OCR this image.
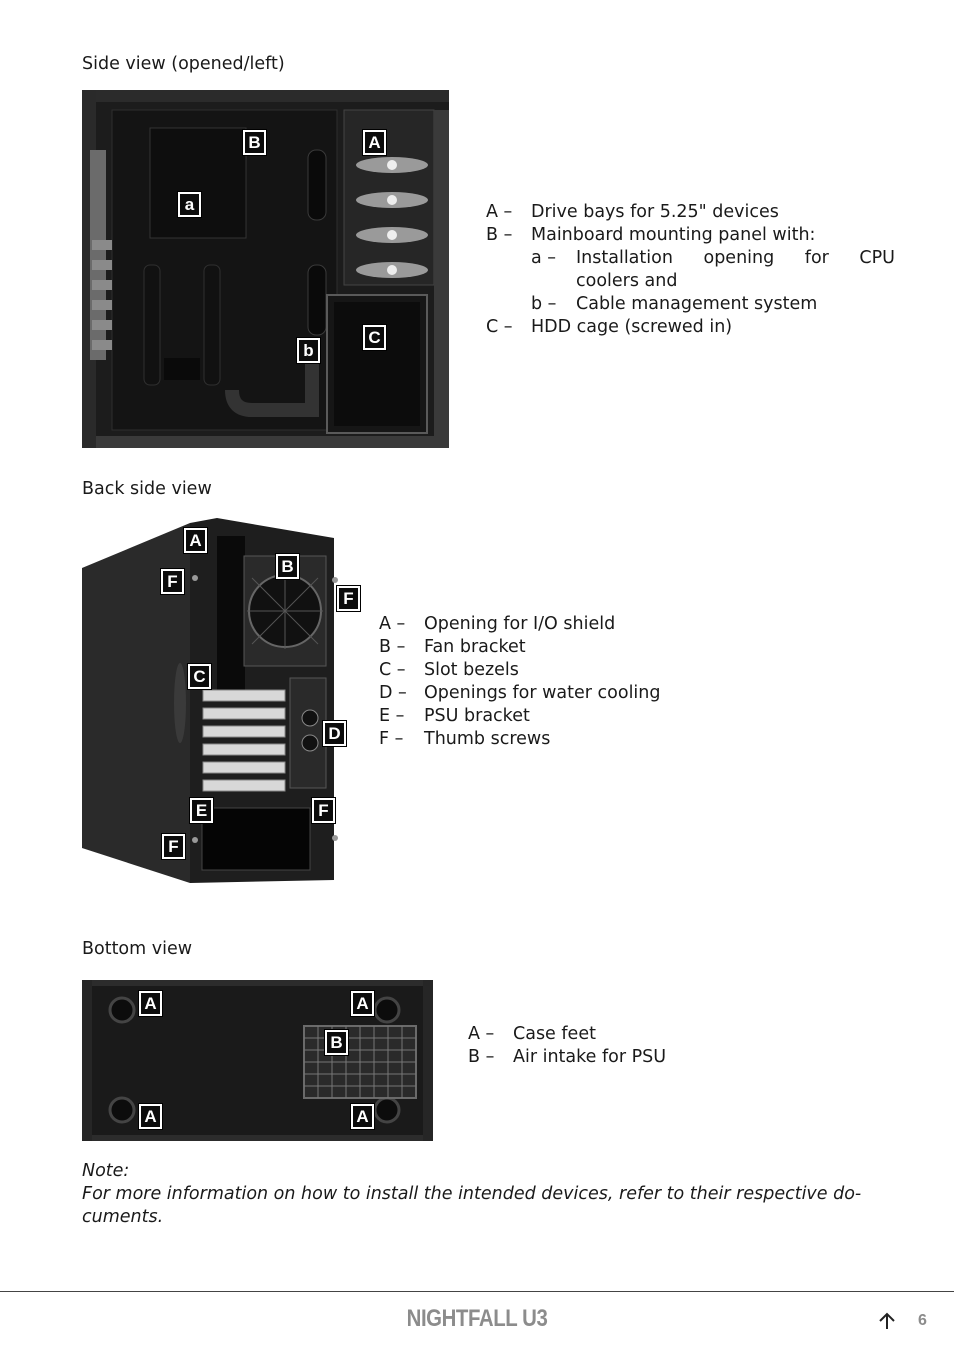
Side view (opened/left)
B	A
a
b
C
A –	Drive bays for 5.25" devices
B –	Mainboard mounting panel with:
a –	Installation opening for CPU
coolers and
b –	Cable management system
C –	HDD cage (screwed in)
Back side view
A
B
F
F
C
D
E	F
F
A –	Opening for I/O shield
B –	Fan bracket
C –	Slot bezels
D – Openings for water cooling
E –	PSU bracket
F –	Thumb screws
Bottom view
A	A
B
A	A
A –	Case feet
B –	Air intake for PSU
Note:
For more information on how to install the intended devices, refer to their respective do-cuments.
NIGHTFALL U3	6
